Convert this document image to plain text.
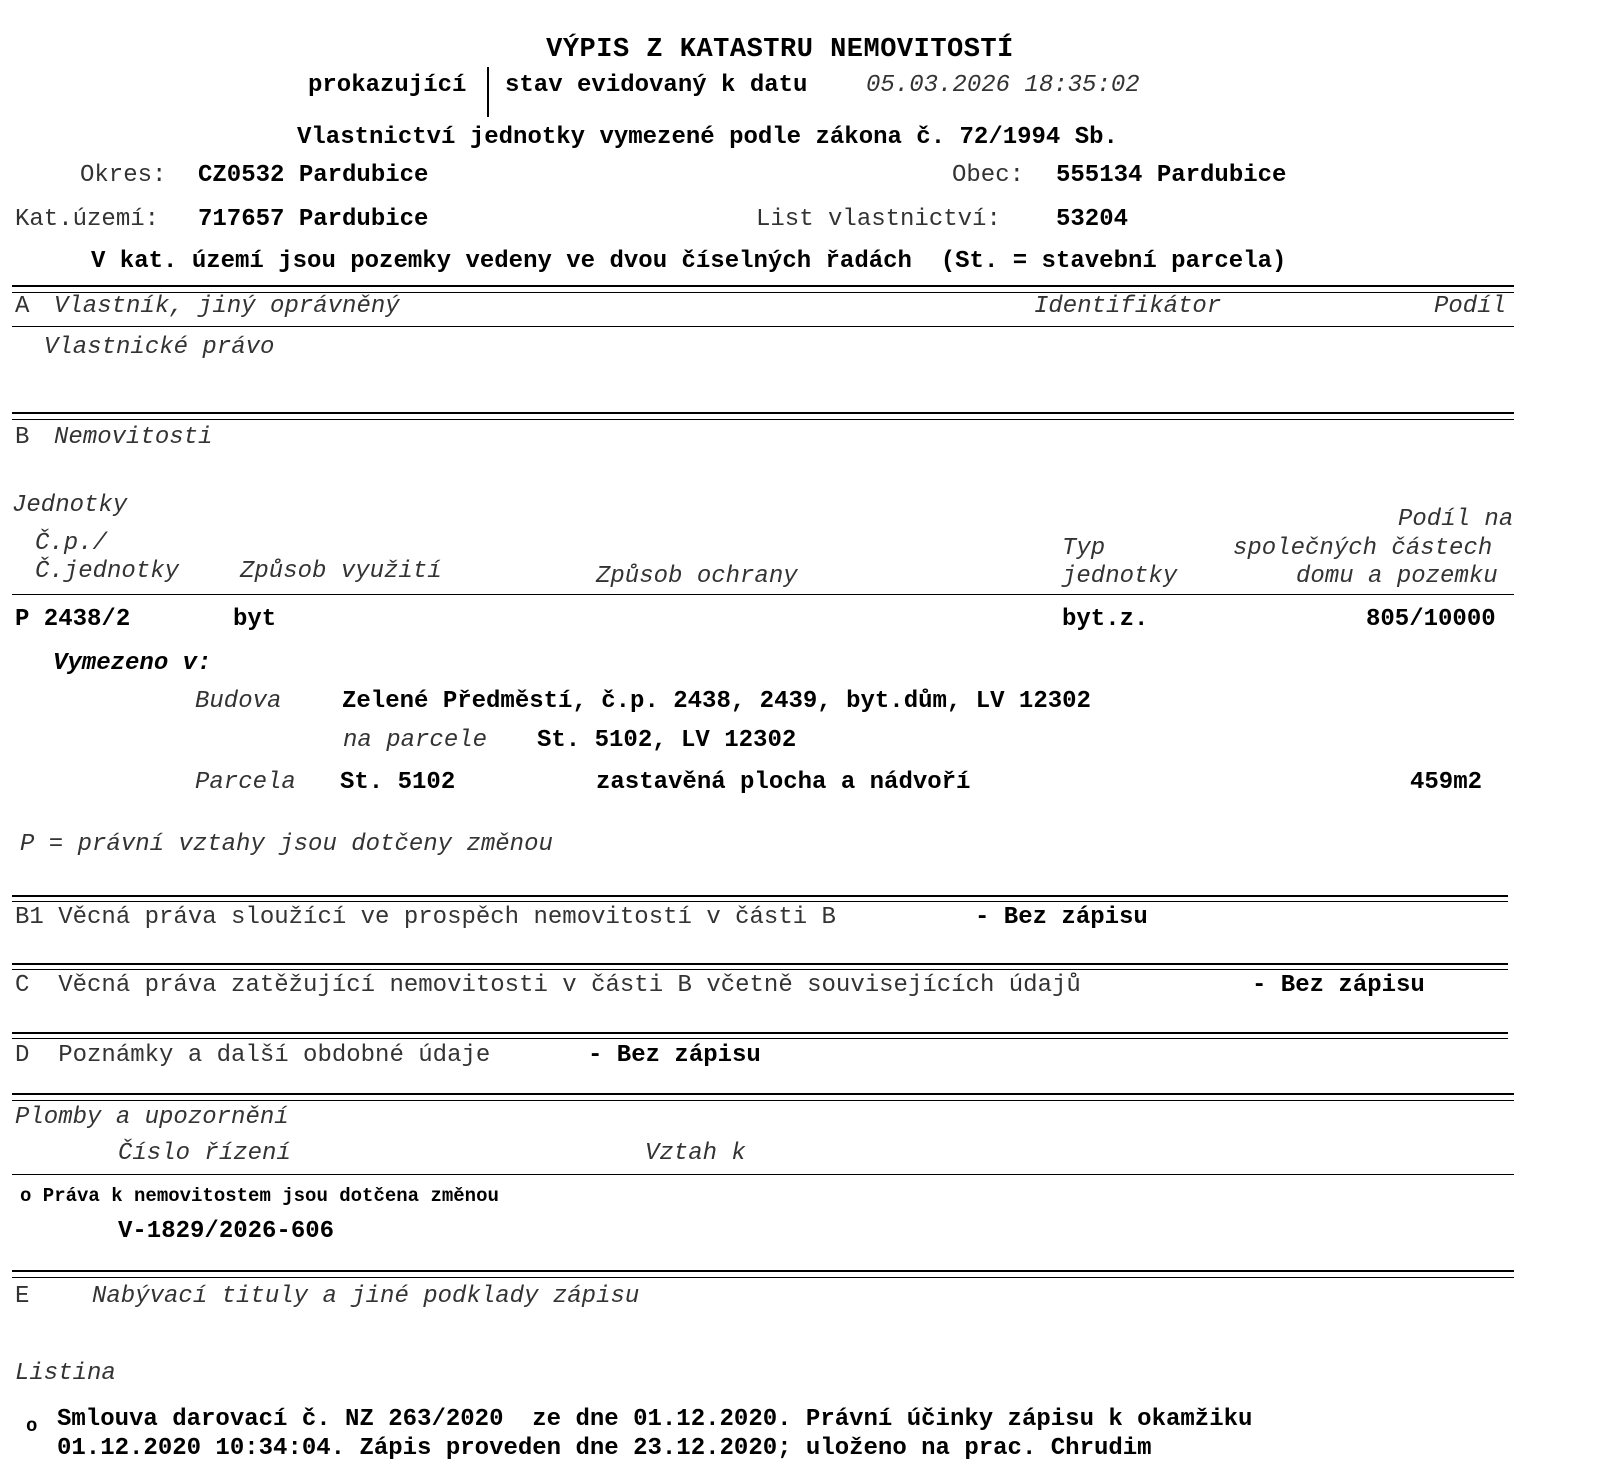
VÝPIS Z KATASTRU NEMOVITOSTÍ
prokazující stav evidovaný k datu 05.03.2026 18:35:02
Vlastnictví jednotky vymezené podle zákona č. 72/1994 Sb.
Okres: CZ0532 Pardubice	Obec: 555134 Pardubice
Kat.území: 717657 Pardubice	List vlastnictví: 53204
V kat. území jsou pozemky vedeny ve dvou číselných řadách  (St. = stavební parcela)
A Vlastník, jiný oprávněný	Identifikátor	Podíl
Vlastnické právo
B Nemovitosti
Jednotky
Podíl na
Č.p./	Typ	společných částech
Č.jednotky	Způsob využití	Způsob ochrany	jednotky	domu a pozemku
P 2438/2	byt	byt.z.	805/10000
Vymezeno v:
Budova	Zelené Předměstí, č.p. 2438, 2439, byt.dům, LV 12302
na parcele St. 5102, LV 12302
Parcela St. 5102	zastavěná plocha a nádvoří	459m2
P = právní vztahy jsou dotčeny změnou
B1 Věcná práva sloužící ve prospěch nemovitostí v části B	- Bez zápisu
C  Věcná práva zatěžující nemovitosti v části B včetně souvisejících údajů	- Bez zápisu
D  Poznámky a další obdobné údaje	- Bez zápisu
Plomby a upozornění
Číslo řízení	Vztah k
o Práva k nemovitostem jsou dotčena změnou
V-1829/2026-606
E	Nabývací tituly a jiné podklady zápisu
Listina
o Smlouva darovací č. NZ 263/2020  ze dne 01.12.2020. Právní účinky zápisu k okamžiku
01.12.2020 10:34:04. Zápis proveden dne 23.12.2020; uloženo na prac. Chrudim
